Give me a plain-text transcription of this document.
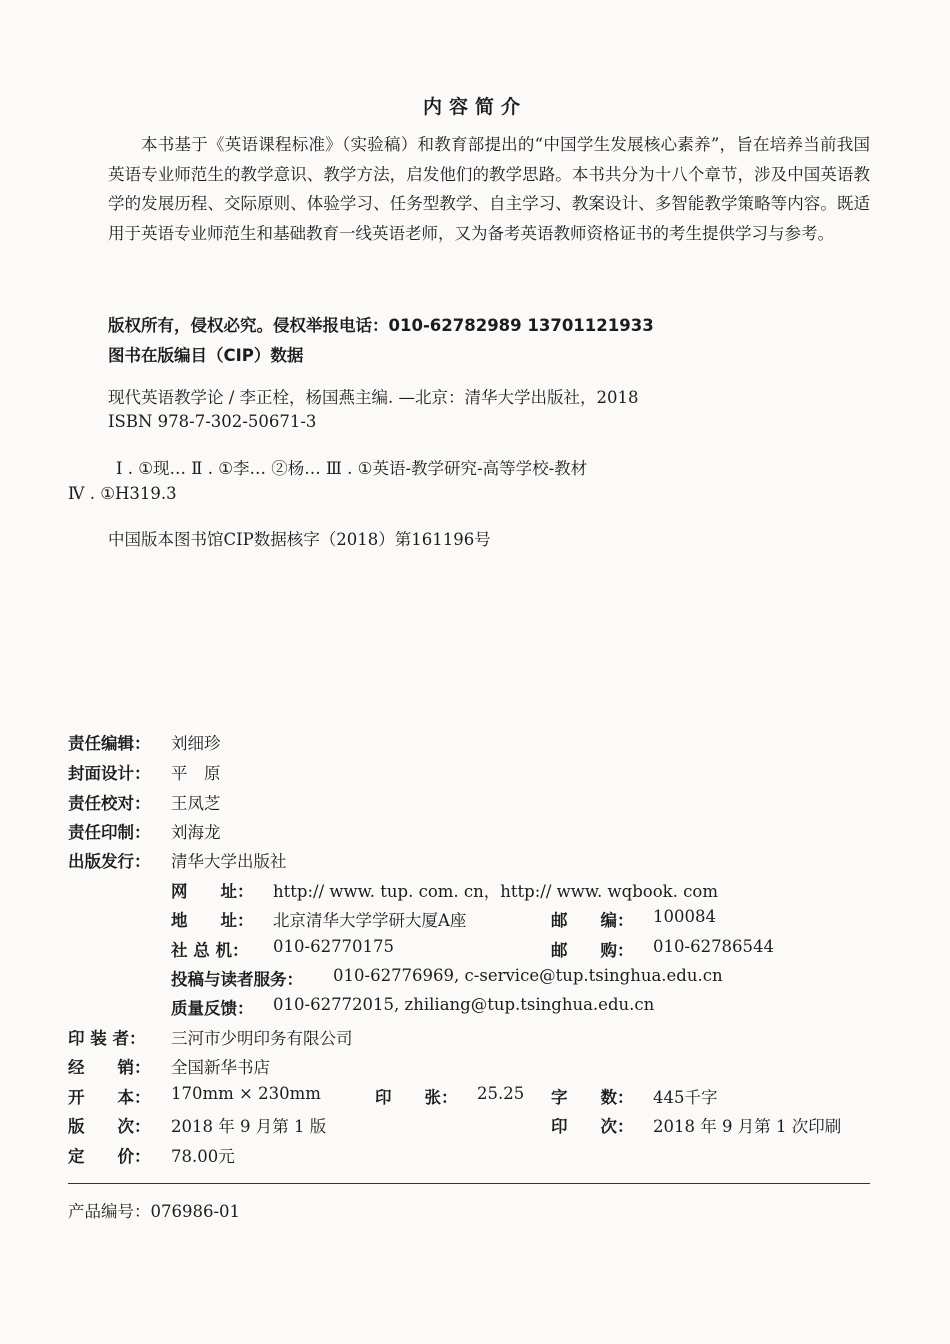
内容简介
本书基于《英语课程标准》（实验稿）和教育部提出的“中国学生发展核心素养”，旨在培养当前我国英语专业师范生的教学意识、教学方法，启发他们的教学思路。本书共分为十八个章节，涉及中国英语教学的发展历程、交际原则、体验学习、任务型教学、自主学习、教案设计、多智能教学策略等内容。既适用于英语专业师范生和基础教育一线英语老师，又为备考英语教师资格证书的考生提供学习与参考。
版权所有，侵权必究。侵权举报电话：010-62782989 13701121933
图书在版编目（CIP）数据
现代英语教学论 / 李正栓，杨国燕主编. —北京：清华大学出版社，2018
ISBN 978-7-302-50671-3
Ⅰ . ①现… Ⅱ . ①李… ②杨… Ⅲ . ①英语-教学研究-高等学校-教材
Ⅳ . ①H319.3
中国版本图书馆CIP数据核字（2018）第161196号
责任编辑： 刘细珍
封面设计： 平　原
责任校对： 王凤芝
责任印制： 刘海龙
出版发行： 清华大学出版社
网　　址： http:// www. tup. com. cn，http:// www. wqbook. com
地　　址： 北京清华大学学研大厦A座	邮　　编： 100084
社 总 机： 010-62770175	邮　　购： 010-62786544
投稿与读者服务： 010-62776969, c-service@tup.tsinghua.edu.cn
质量反馈： 010-62772015, zhiliang@tup.tsinghua.edu.cn
印 装 者： 三河市少明印务有限公司
经　　销： 全国新华书店
开　　本： 170mm × 230mm	印　　张： 25.25 字　　数： 445千字
版　　次： 2018 年 9 月第 1 版	印　　次： 2018 年 9 月第 1 次印刷
定　　价： 78.00元
产品编号：076986-01
